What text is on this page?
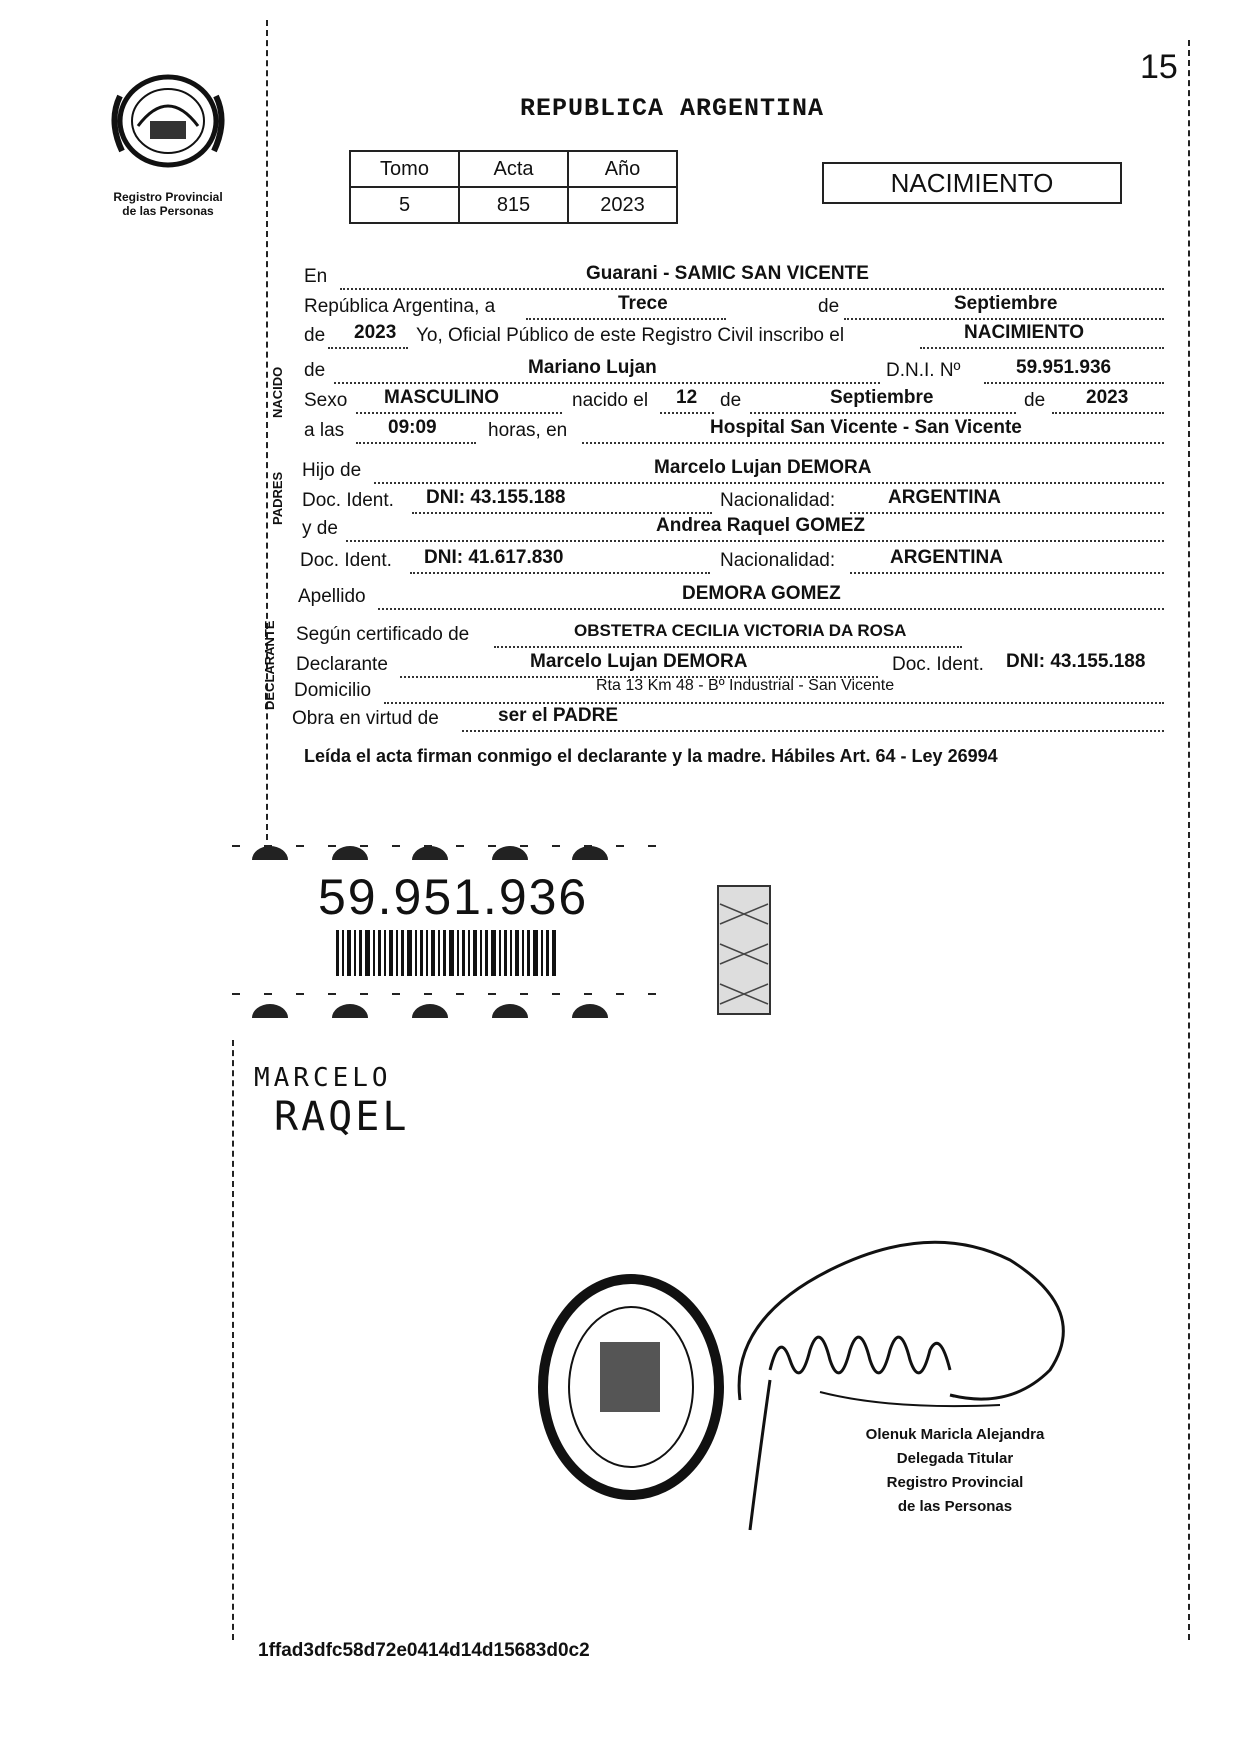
15
Registro Provincial
de las Personas
REPUBLICA ARGENTINA
Tomo	Acta	Año
5	815	2023
NACIMIENTO
NACIDO
PADRES
DECLARANTE
En	Guarani - SAMIC SAN VICENTE
República Argentina, a	Trece	de	Septiembre
de 2023 Yo, Oficial Público de este Registro Civil inscribo el	NACIMIENTO
de	Mariano Lujan	D.N.I. Nº	59.951.936
Sexo MASCULINO	nacido el 12 de	Septiembre	de 2023
a las 09:09	horas, en	Hospital San Vicente - San Vicente
Hijo de	Marcelo Lujan DEMORA
Doc. Ident. DNI: 43.155.188	Nacionalidad:	ARGENTINA
y de	Andrea Raquel GOMEZ
Doc. Ident. DNI: 41.617.830	Nacionalidad:	ARGENTINA
Apellido	DEMORA GOMEZ
Según certificado de	OBSTETRA CECILIA VICTORIA DA ROSA
Declarante	Marcelo Lujan DEMORA	Doc. Ident. DNI: 43.155.188
Domicilio	Rta 13 Km 48 - Bº Industrial - San Vicente
Obra en virtud de	ser el PADRE
Leída el acta firman conmigo el declarante y la madre. Hábiles Art. 64 - Ley 26994
59.951.936
MARCELO
RAQEL
Olenuk Maricla Alejandra
Delegada Titular
Registro Provincial
de las Personas
1ffad3dfc58d72e0414d14d15683d0c2
